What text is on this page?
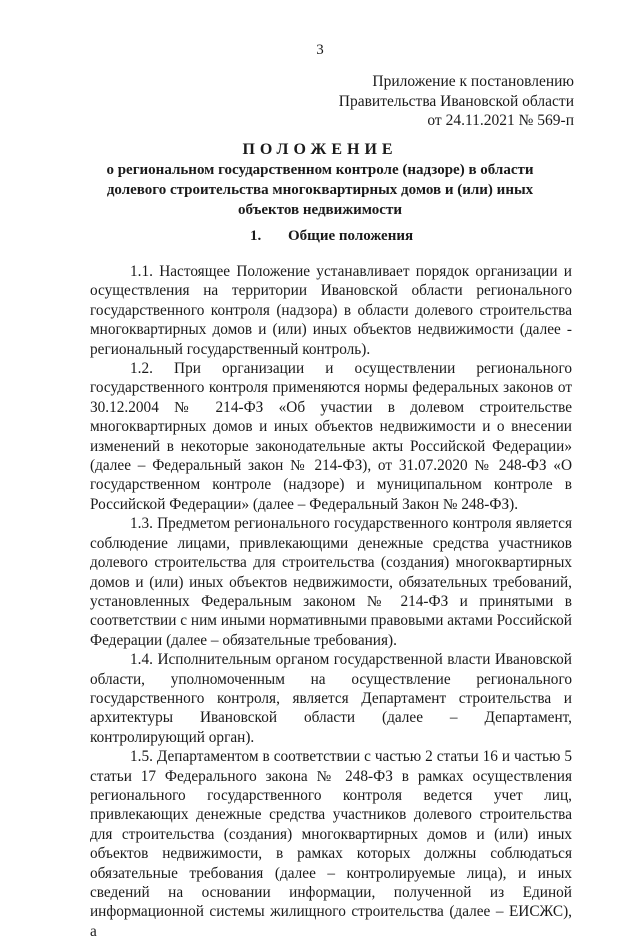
3
Приложение к постановлению
Правительства Ивановской области
от 24.11.2021 № 569-п
ПОЛОЖЕНИЕ
о региональном государственном контроле (надзоре) в области
долевого строительства многоквартирных домов и (или) иных
объектов недвижимости
1. Общие положения

1.1. Настоящее Положение устанавливает порядок организации и осуществления на территории Ивановской области регионального государственного контроля (надзора) в области долевого строительства многоквартирных домов и (или) иных объектов недвижимости (далее - региональный государственный контроль).

1.2. При организации и осуществлении регионального государственного контроля применяются нормы федеральных законов от 30.12.2004 № 214-ФЗ «Об участии в долевом строительстве многоквартирных домов и иных объектов недвижимости и о внесении изменений в некоторые законодательные акты Российской Федерации» (далее – Федеральный закон № 214-ФЗ), от 31.07.2020 № 248-ФЗ «О государственном контроле (надзоре) и муниципальном контроле в Российской Федерации» (далее – Федеральный Закон № 248-ФЗ).

1.3. Предметом регионального государственного контроля является соблюдение лицами, привлекающими денежные средства участников долевого строительства для строительства (создания) многоквартирных домов и (или) иных объектов недвижимости, обязательных требований, установленных Федеральным законом № 214-ФЗ и принятыми в соответствии с ним иными нормативными правовыми актами Российской Федерации (далее – обязательные требования).

1.4. Исполнительным органом государственной власти Ивановской области, уполномоченным на осуществление регионального государственного контроля, является Департамент строительства и архитектуры Ивановской области (далее – Департамент, контролирующий орган).

1.5. Департаментом в соответствии с частью 2 статьи 16 и частью 5 статьи 17 Федерального закона № 248-ФЗ в рамках осуществления регионального государственного контроля ведется учет лиц, привлекающих денежные средства участников долевого строительства для строительства (создания) многоквартирных домов и (или) иных объектов недвижимости, в рамках которых должны соблюдаться обязательные требования (далее – контролируемые лица), и иных сведений на основании информации, полученной из Единой информационной системы жилищного строительства (далее – ЕИСЖС), а
